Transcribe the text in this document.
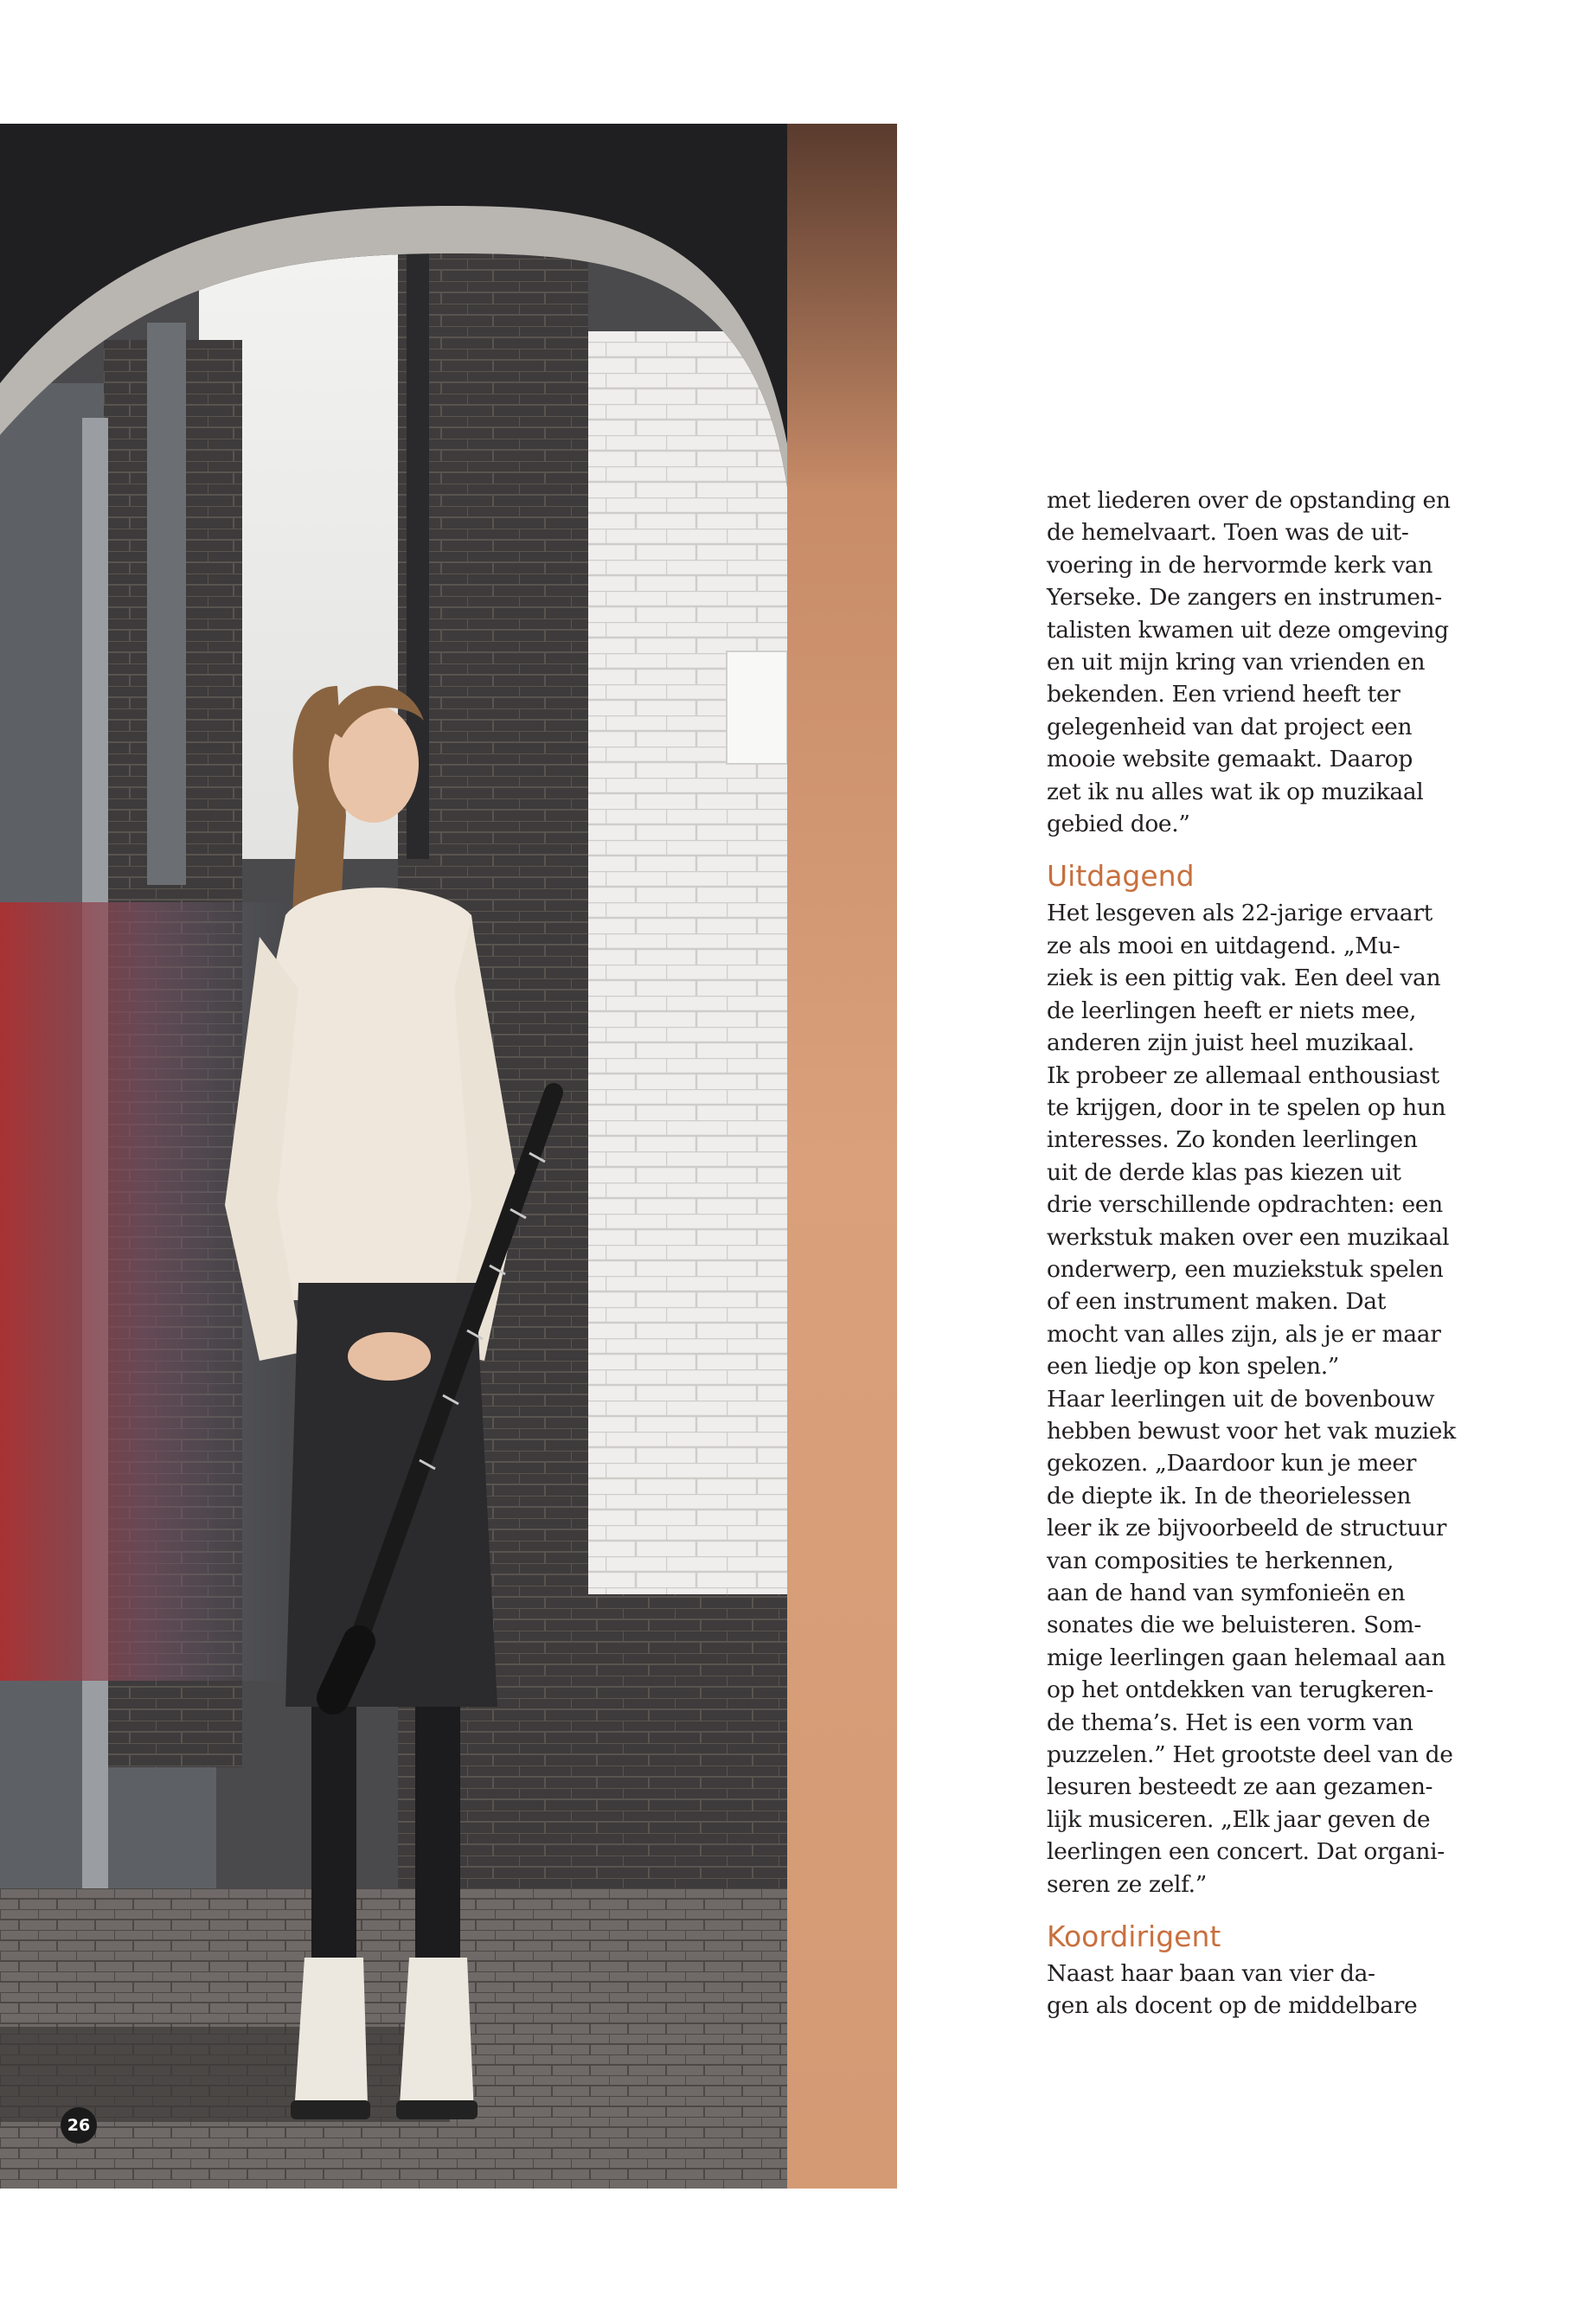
26

met liederen over de opstanding en
de hemelvaart. Toen was de uit-
voering in de hervormde kerk van
Yerseke. De zangers en instrumen-
talisten kwamen uit deze omgeving
en uit mijn kring van vrienden en
bekenden. Een vriend heeft ter
gelegenheid van dat project een
mooie website gemaakt. Daarop
zet ik nu alles wat ik op muzikaal
gebied doe.”

Uitdagend

Het lesgeven als 22-jarige ervaart
ze als mooi en uitdagend. „Mu-
ziek is een pittig vak. Een deel van
de leerlingen heeft er niets mee,
anderen zijn juist heel muzikaal.
Ik probeer ze allemaal enthousiast
te krijgen, door in te spelen op hun
interesses. Zo konden leerlingen
uit de derde klas pas kiezen uit
drie verschillende opdrachten: een
werkstuk maken over een muzikaal
onderwerp, een muziekstuk spelen
of een instrument maken. Dat
mocht van alles zijn, als je er maar
een liedje op kon spelen.”
Haar leerlingen uit de bovenbouw
hebben bewust voor het vak muziek
gekozen. „Daardoor kun je meer
de diepte ik. In de theorielessen
leer ik ze bijvoorbeeld de structuur
van composities te herkennen,
aan de hand van symfonieën en
sonates die we beluisteren. Som-
mige leerlingen gaan helemaal aan
op het ontdekken van terugkeren-
de thema’s. Het is een vorm van
puzzelen.” Het grootste deel van de
lesuren besteedt ze aan gezamen-
lijk musiceren. „Elk jaar geven de
leerlingen een concert. Dat organi-
seren ze zelf.”

Koordirigent

Naast haar baan van vier da-
gen als docent op de middelbare
